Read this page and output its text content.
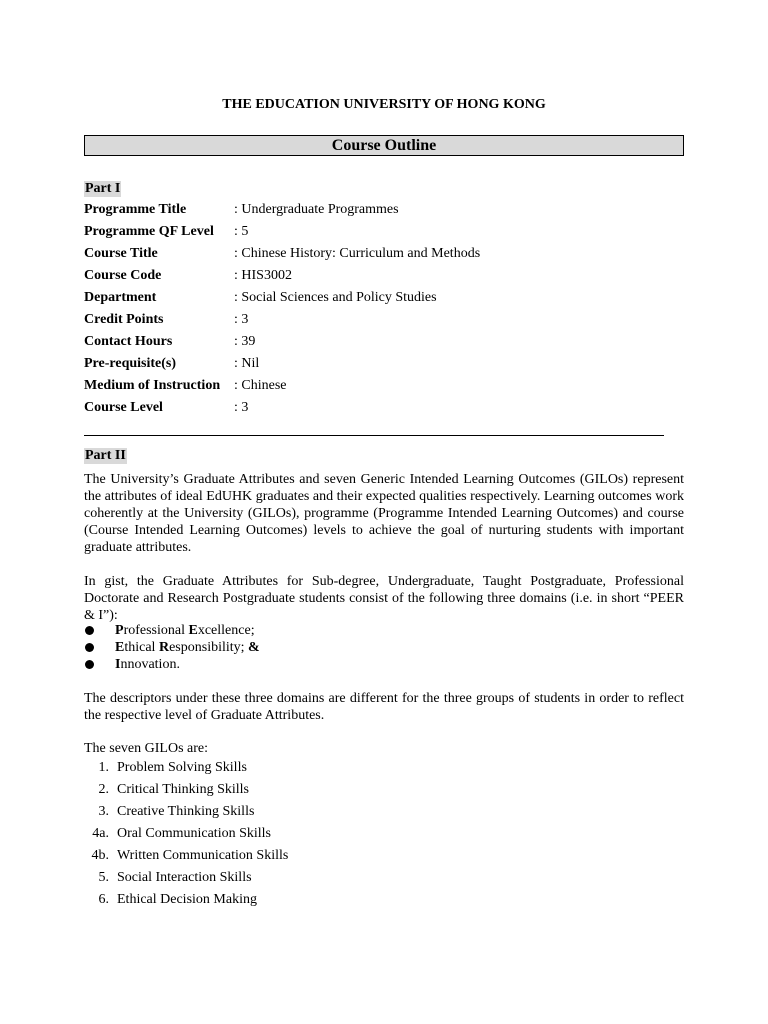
THE EDUCATION UNIVERSITY OF HONG KONG
Course Outline
Part I
Programme Title	: Undergraduate Programmes
Programme QF Level : 5
Course Title	: Chinese History: Curriculum and Methods
Course Code	: HIS3002
Department	: Social Sciences and Policy Studies
Credit Points	: 3
Contact Hours	: 39
Pre-requisite(s)	: Nil
Medium of Instruction : Chinese
Course Level	: 3
Part II

The University’s Graduate Attributes and seven Generic Intended Learning Outcomes (GILOs) represent the attributes of ideal EdUHK graduates and their expected qualities respectively. Learning outcomes work coherently at the University (GILOs), programme (Programme Intended Learning Outcomes) and course (Course Intended Learning Outcomes) levels to achieve the goal of nurturing students with important graduate attributes.

In gist, the Graduate Attributes for Sub-degree, Undergraduate, Taught Postgraduate, Professional Doctorate and Research Postgraduate students consist of the following three domains (i.e. in short “PEER & I”):

Professional Excellence;
Ethical Responsibility; &
Innovation.

The descriptors under these three domains are different for the three groups of students in order to reflect the respective level of Graduate Attributes.

The seven GILOs are:

1. Problem Solving Skills
2. Critical Thinking Skills
3. Creative Thinking Skills
4a. Oral Communication Skills
4b. Written Communication Skills
5. Social Interaction Skills
6. Ethical Decision Making
